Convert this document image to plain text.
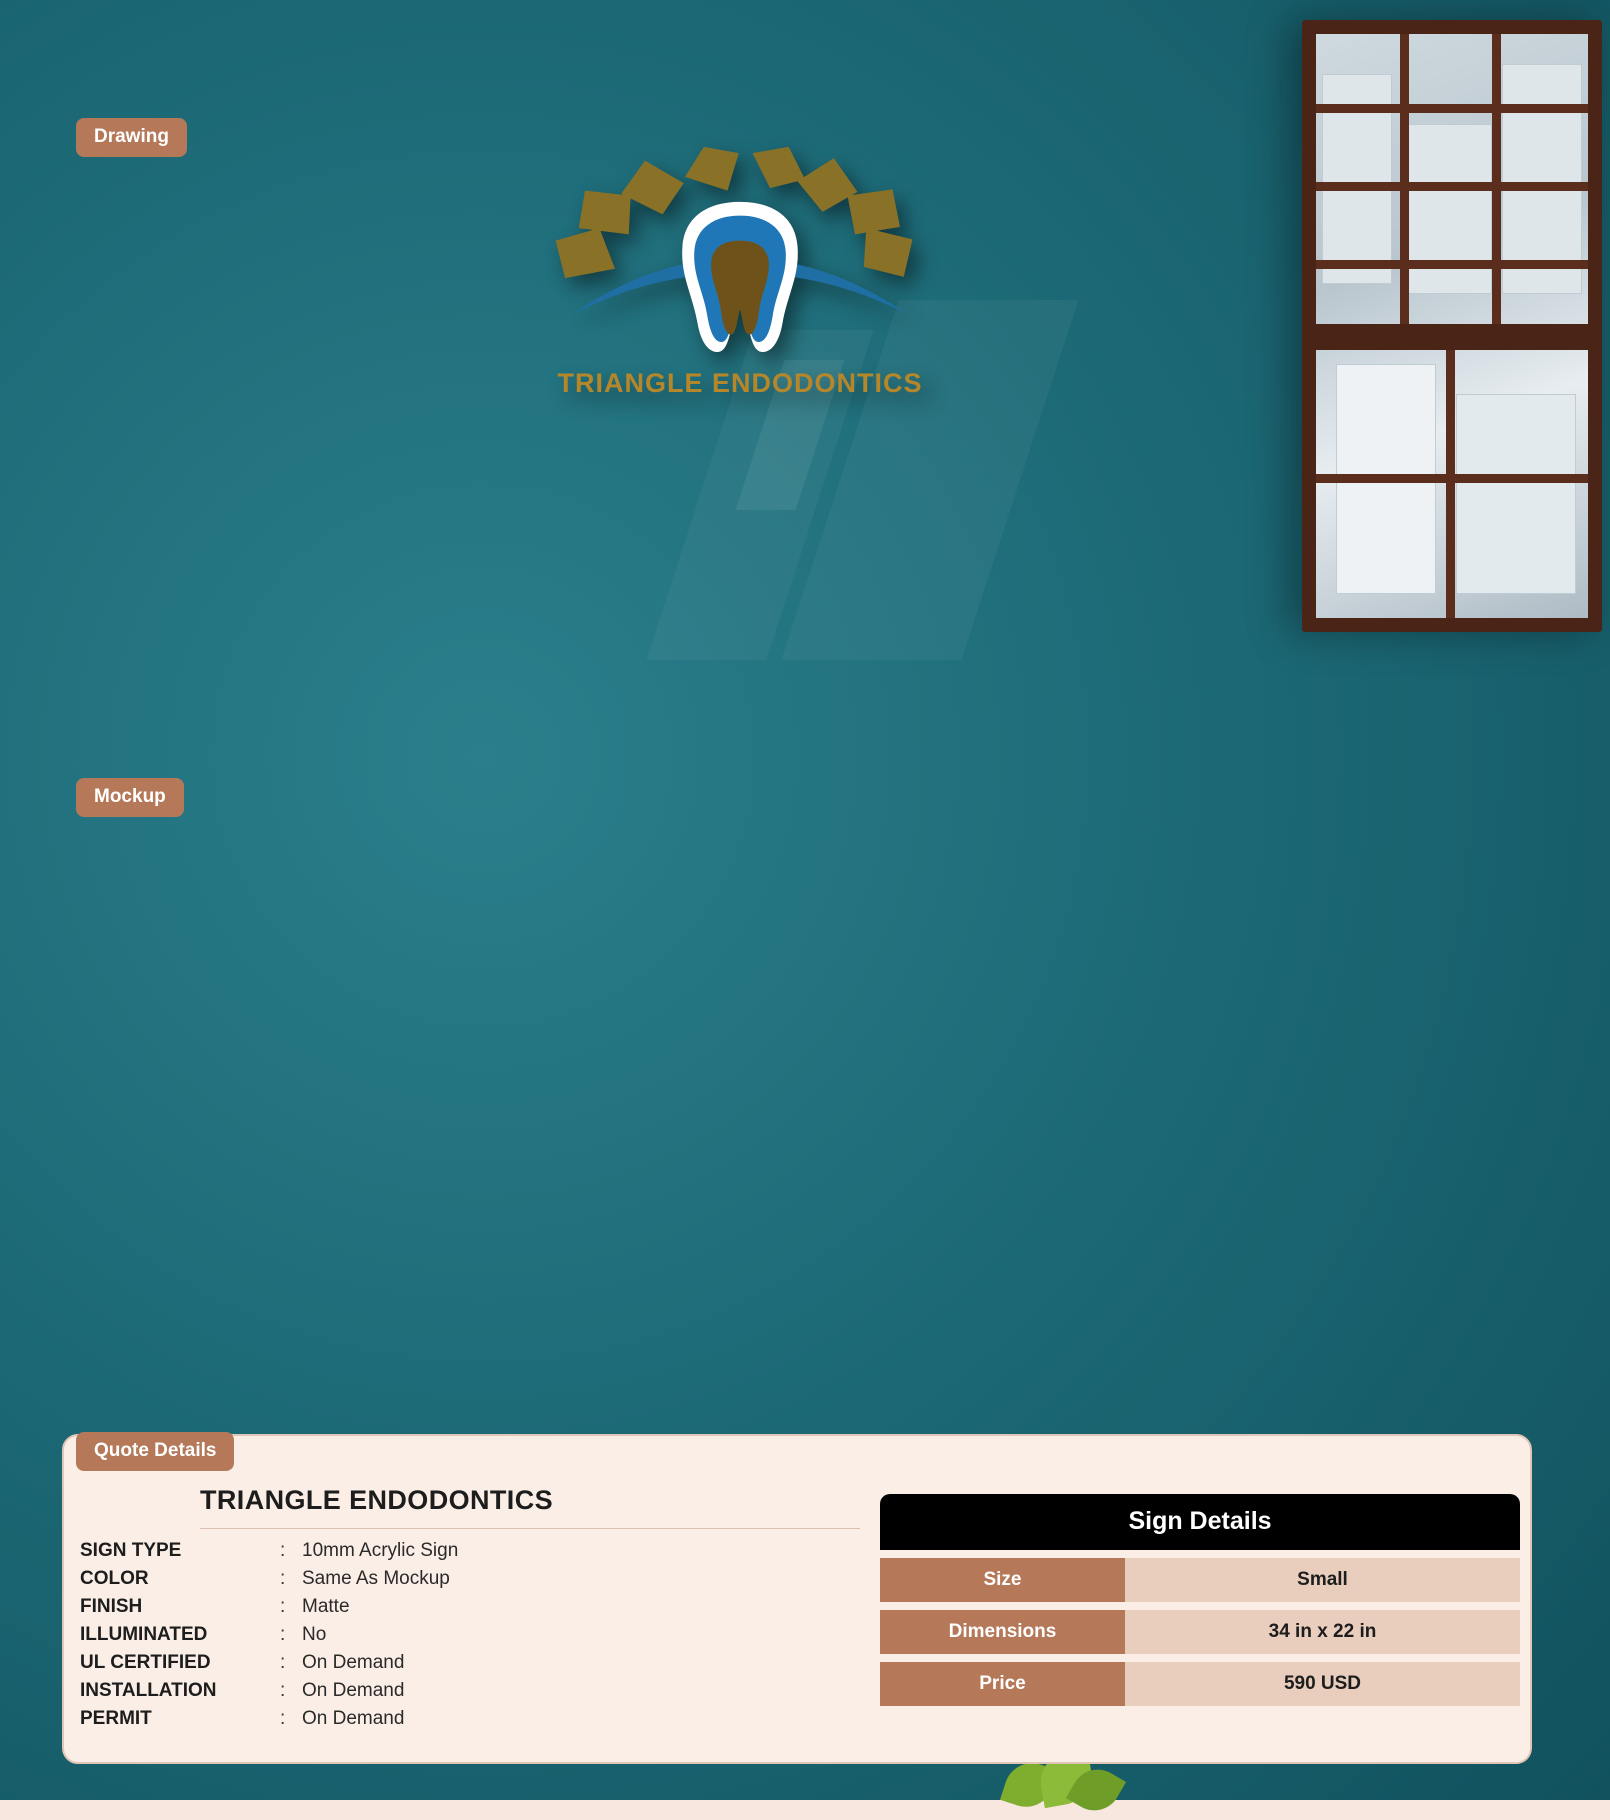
Drawing
Mockup
TRIANGLE ENDODONTICS
Quote Details
TRIANGLE ENDODONTICS
SIGN TYPE	: 10mm Acrylic Sign
COLOR	: Same As Mockup
FINISH	: Matte
ILLUMINATED	: No
UL CERTIFIED	: On Demand
INSTALLATION	: On Demand
PERMIT	: On Demand
Sign Details
Size	Small
Dimensions	34 in x 22 in
Price	590 USD
